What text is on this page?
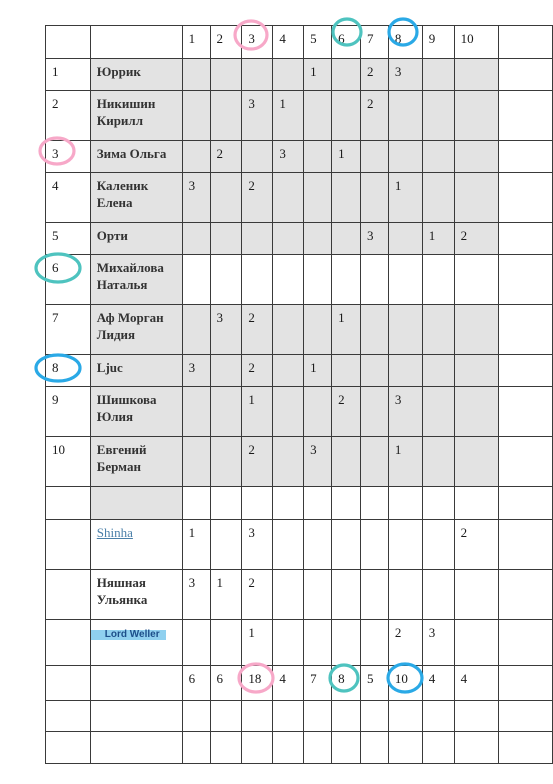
		1	2	3	4	5	6	7	8	9	10	
1	Юррик					1		2	3			
2	Никишин Кирилл			3	1			2				
3	Зима Ольга		2		3		1					
4	Каленик Елена	3		2					1			
5	Орти							3		1	2	
6	Михайлова Наталья											
7	Аф Морган Лидия		3	2			1					
8	Ljuc	3		2		1						
9	Шишкова Юлия			1			2		3			
10	Евгений Берман			2		3			1			

	Shinha	1		3							2	
	Няшная Ульянка	3	1	2								
	Lord Weller			1					2	3		
		6	6	18	4	7	8	5	10	4	4	
